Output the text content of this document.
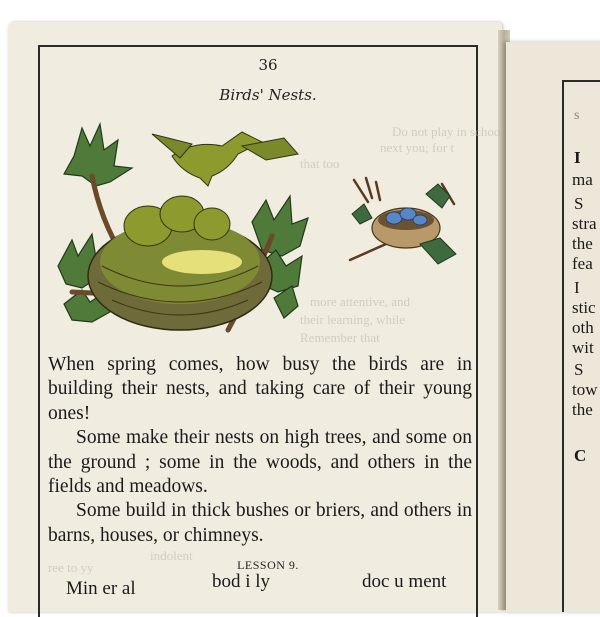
Do not play in school
next you; for t
that too
more attentive, and
their learning, while
Remember that
indolent
ree to yy
36
Birds' Nests.

When spring comes, how busy the birds are in building their nests, and taking care of their young ones!

Some make their nests on high trees, and some on the ground ; some in the woods, and others in the fields and meadows.

Some build in thick bushes or briers, and others in barns, houses, or chimneys.

LESSON 9.
Min er al	bod i ly	doc u ment
s
I
ma
S
stra
the
fea
I
stic
oth
wit
S
tow
the
C
